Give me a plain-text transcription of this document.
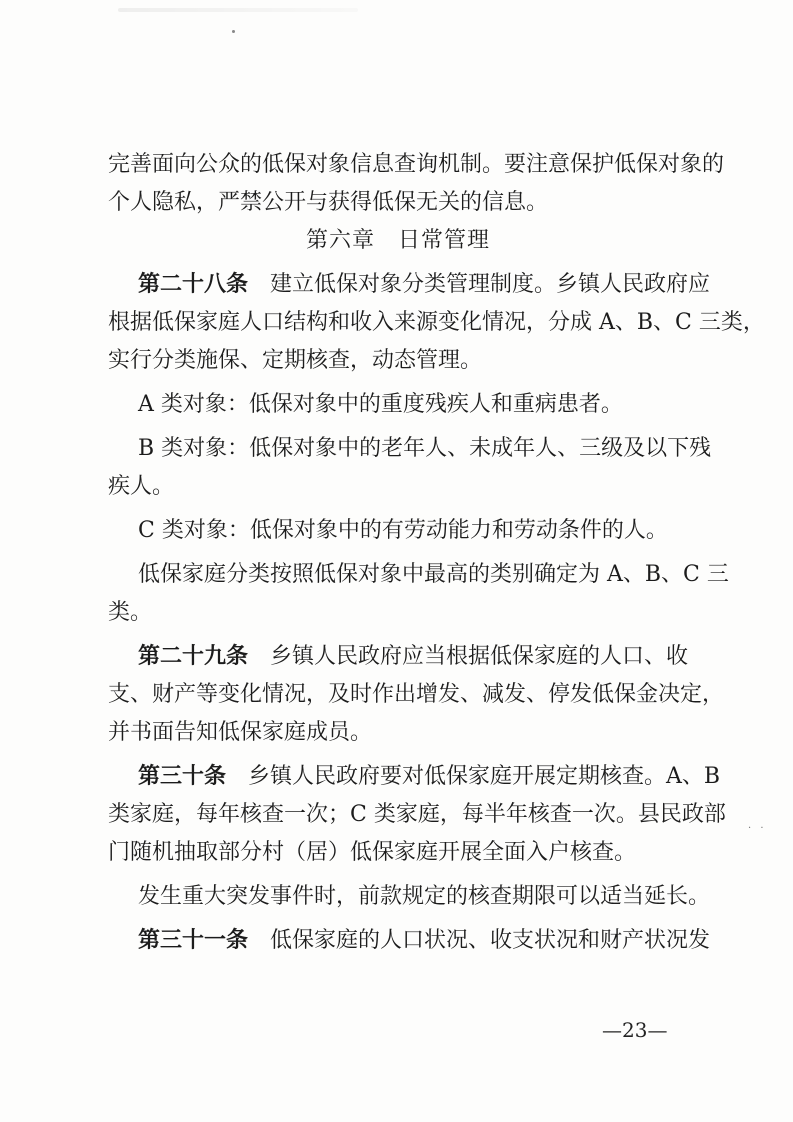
· ·
完善面向公众的低保对象信息查询机制。要注意保护低保对象的
个人隐私，严禁公开与获得低保无关的信息。
第六章　日常管理
第二十八条　 建立低保对象分类管理制度。乡镇人民政府应
根据低保家庭人口结构和收入来源变化情况，分成 A、B、C 三类，
实行分类施保、定期核查，动态管理。
A 类对象：低保对象中的重度残疾人和重病患者。
B 类对象：低保对象中的老年人、未成年人、三级及以下残
疾人。
C 类对象：低保对象中的有劳动能力和劳动条件的人。
低保家庭分类按照低保对象中最高的类别确定为 A、B、C 三
类。
第二十九条　 乡镇人民政府应当根据低保家庭的人口、收
支、财产等变化情况，及时作出增发、减发、停发低保金决定，
并书面告知低保家庭成员。
第三十条　 乡镇人民政府要对低保家庭开展定期核查。A、B
类家庭，每年核查一次；C 类家庭，每半年核查一次。县民政部
门随机抽取部分村（居）低保家庭开展全面入户核查。
发生重大突发事件时，前款规定的核查期限可以适当延长。
第三十一条　 低保家庭的人口状况、收支状况和财产状况发
—23—
